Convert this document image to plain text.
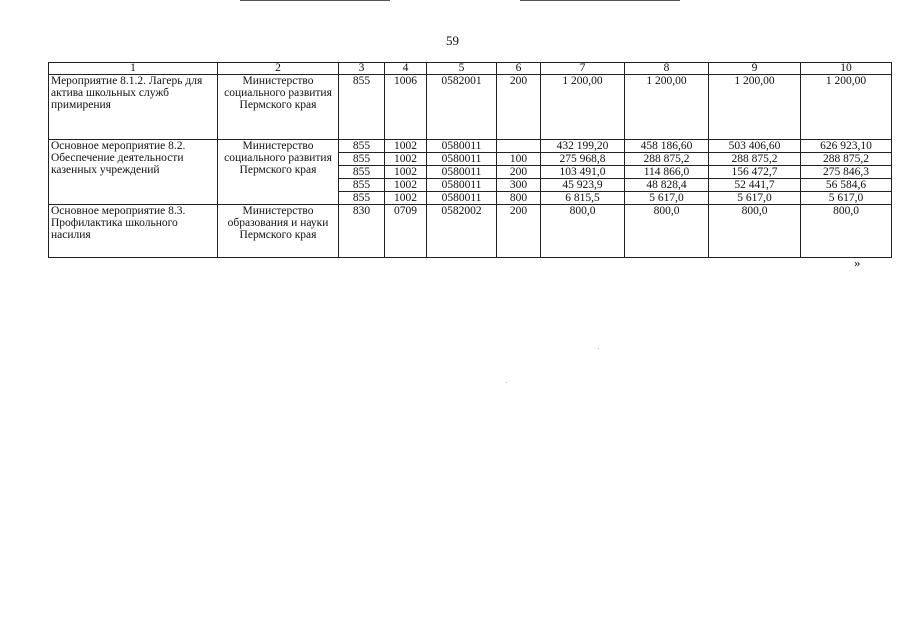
59
1	2	3	4	5	6	7	8	9	10
Мероприятие 8.1.2. Лагерь для актива школьных служб примирения	Министерство социального развития Пермского края	855	1006	0582001	200	1 200,00	1 200,00	1 200,00	1 200,00
Основное мероприятие 8.2. Обеспечение деятельности казенных учреждений	Министерство социального развития Пермского края	855	1002	0580011		432 199,20	458 186,60	503 406,60	626 923,10
		855	1002	0580011	100	275 968,8	288 875,2	288 875,2	288 875,2
		855	1002	0580011	200	103 491,0	114 866,0	156 472,7	275 846,3
		855	1002	0580011	300	45 923,9	48 828,4	52 441,7	56 584,6
		855	1002	0580011	800	6 815,5	5 617,0	5 617,0	5 617,0
Основное мероприятие 8.3. Профилактика школьного насилия	Министерство образования и науки Пермского края	830	0709	0582002	200	800,0	800,0	800,0	800,0
»
